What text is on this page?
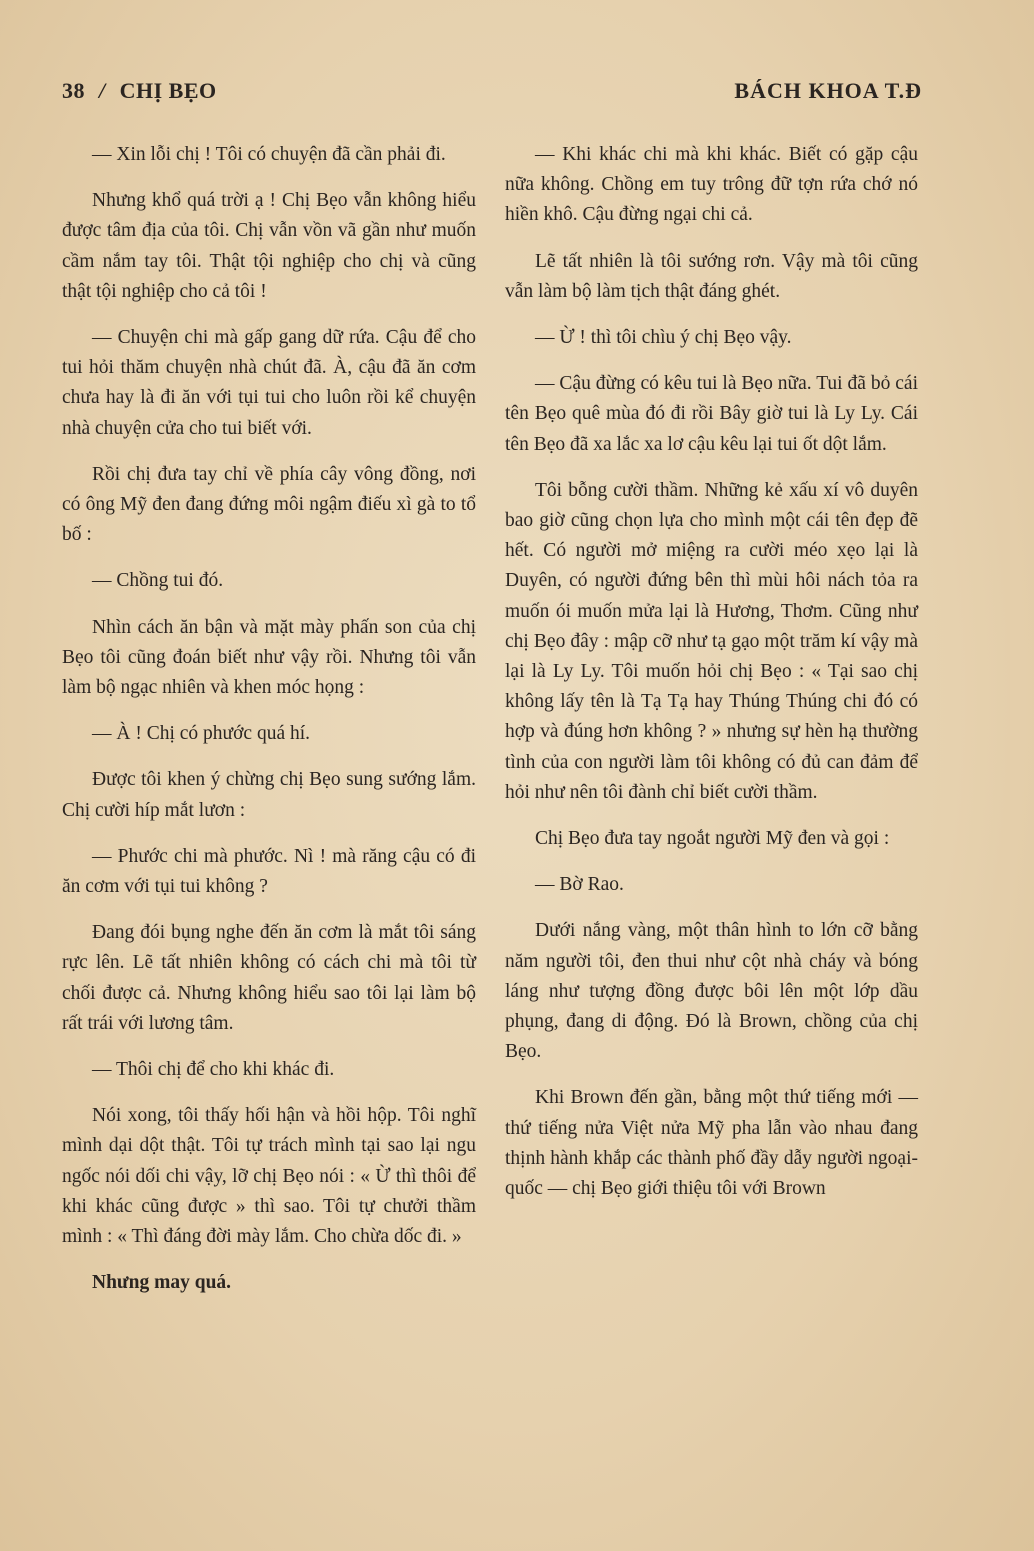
38 / CHỊ BẸO	BÁCH KHOA T.Đ

— Xin lỗi chị ! Tôi có chuyện đã cần phải đi.

Nhưng khổ quá trời ạ ! Chị Bẹo vẫn không hiểu được tâm địa của tôi. Chị vẫn vồn vã gần như muốn cầm nắm tay tôi. Thật tội nghiệp cho chị và cũng thật tội nghiệp cho cả tôi !

— Chuyện chi mà gấp gang dữ rứa. Cậu để cho tui hỏi thăm chuyện nhà chút đã. À, cậu đã ăn cơm chưa hay là đi ăn với tụi tui cho luôn rồi kể chuyện nhà chuyện cửa cho tui biết với.

Rồi chị đưa tay chỉ về phía cây vông đồng, nơi có ông Mỹ đen đang đứng môi ngậm điếu xì gà to tổ bố :

— Chồng tui đó.

Nhìn cách ăn bận và mặt mày phấn son của chị Bẹo tôi cũng đoán biết như vậy rồi. Nhưng tôi vẫn làm bộ ngạc nhiên và khen móc họng :

— À ! Chị có phước quá hí.

Được tôi khen ý chừng chị Bẹo sung sướng lắm. Chị cười híp mắt lươn :

— Phước chi mà phước. Nì ! mà răng cậu có đi ăn cơm với tụi tui không ?

Đang đói bụng nghe đến ăn cơm là mắt tôi sáng rực lên. Lẽ tất nhiên không có cách chi mà tôi từ chối được cả. Nhưng không hiểu sao tôi lại làm bộ rất trái với lương tâm.

— Thôi chị để cho khi khác đi.

Nói xong, tôi thấy hối hận và hồi hộp. Tôi nghĩ mình dại dột thật. Tôi tự trách mình tại sao lại ngu ngốc nói dối chi vậy, lỡ chị Bẹo nói : « Ừ thì thôi để khi khác cũng được » thì sao. Tôi tự chưởi thầm mình : « Thì đáng đời mày lắm. Cho chừa dốc đi. »

Nhưng may quá.

— Khi khác chi mà khi khác. Biết có gặp cậu nữa không. Chồng em tuy trông đữ tợn rứa chớ nó hiền khô. Cậu đừng ngại chi cả.

Lẽ tất nhiên là tôi sướng rơn. Vậy mà tôi cũng vẫn làm bộ làm tịch thật đáng ghét.

— Ừ ! thì tôi chìu ý chị Bẹo vậy.

— Cậu đừng có kêu tui là Bẹo nữa. Tui đã bỏ cái tên Bẹo quê mùa đó đi rồi Bây giờ tui là Ly Ly. Cái tên Bẹo đã xa lắc xa lơ cậu kêu lại tui ốt dột lắm.

Tôi bỗng cười thầm. Những kẻ xấu xí vô duyên bao giờ cũng chọn lựa cho mình một cái tên đẹp đẽ hết. Có người mở miệng ra cười méo xẹo lại là Duyên, có người đứng bên thì mùi hôi nách tỏa ra muốn ói muốn mửa lại là Hương, Thơm. Cũng như chị Bẹo đây : mập cỡ như tạ gạo một trăm kí vậy mà lại là Ly Ly. Tôi muốn hỏi chị Bẹo : « Tại sao chị không lấy tên là Tạ Tạ hay Thúng Thúng chi đó có hợp và đúng hơn không ? » nhưng sự hèn hạ thường tình của con người làm tôi không có đủ can đảm để hỏi như nên tôi đành chỉ biết cười thầm.

Chị Bẹo đưa tay ngoắt người Mỹ đen và gọi :

— Bờ Rao.

Dưới nắng vàng, một thân hình to lớn cỡ bằng năm người tôi, đen thui như cột nhà cháy và bóng láng như tượng đồng được bôi lên một lớp dầu phụng, đang di động. Đó là Brown, chồng của chị Bẹo.

Khi Brown đến gần, bằng một thứ tiếng mới — thứ tiếng nửa Việt nửa Mỹ pha lẫn vào nhau đang thịnh hành khắp các thành phố đầy dẫy người ngoại-quốc — chị Bẹo giới thiệu tôi với Brown
